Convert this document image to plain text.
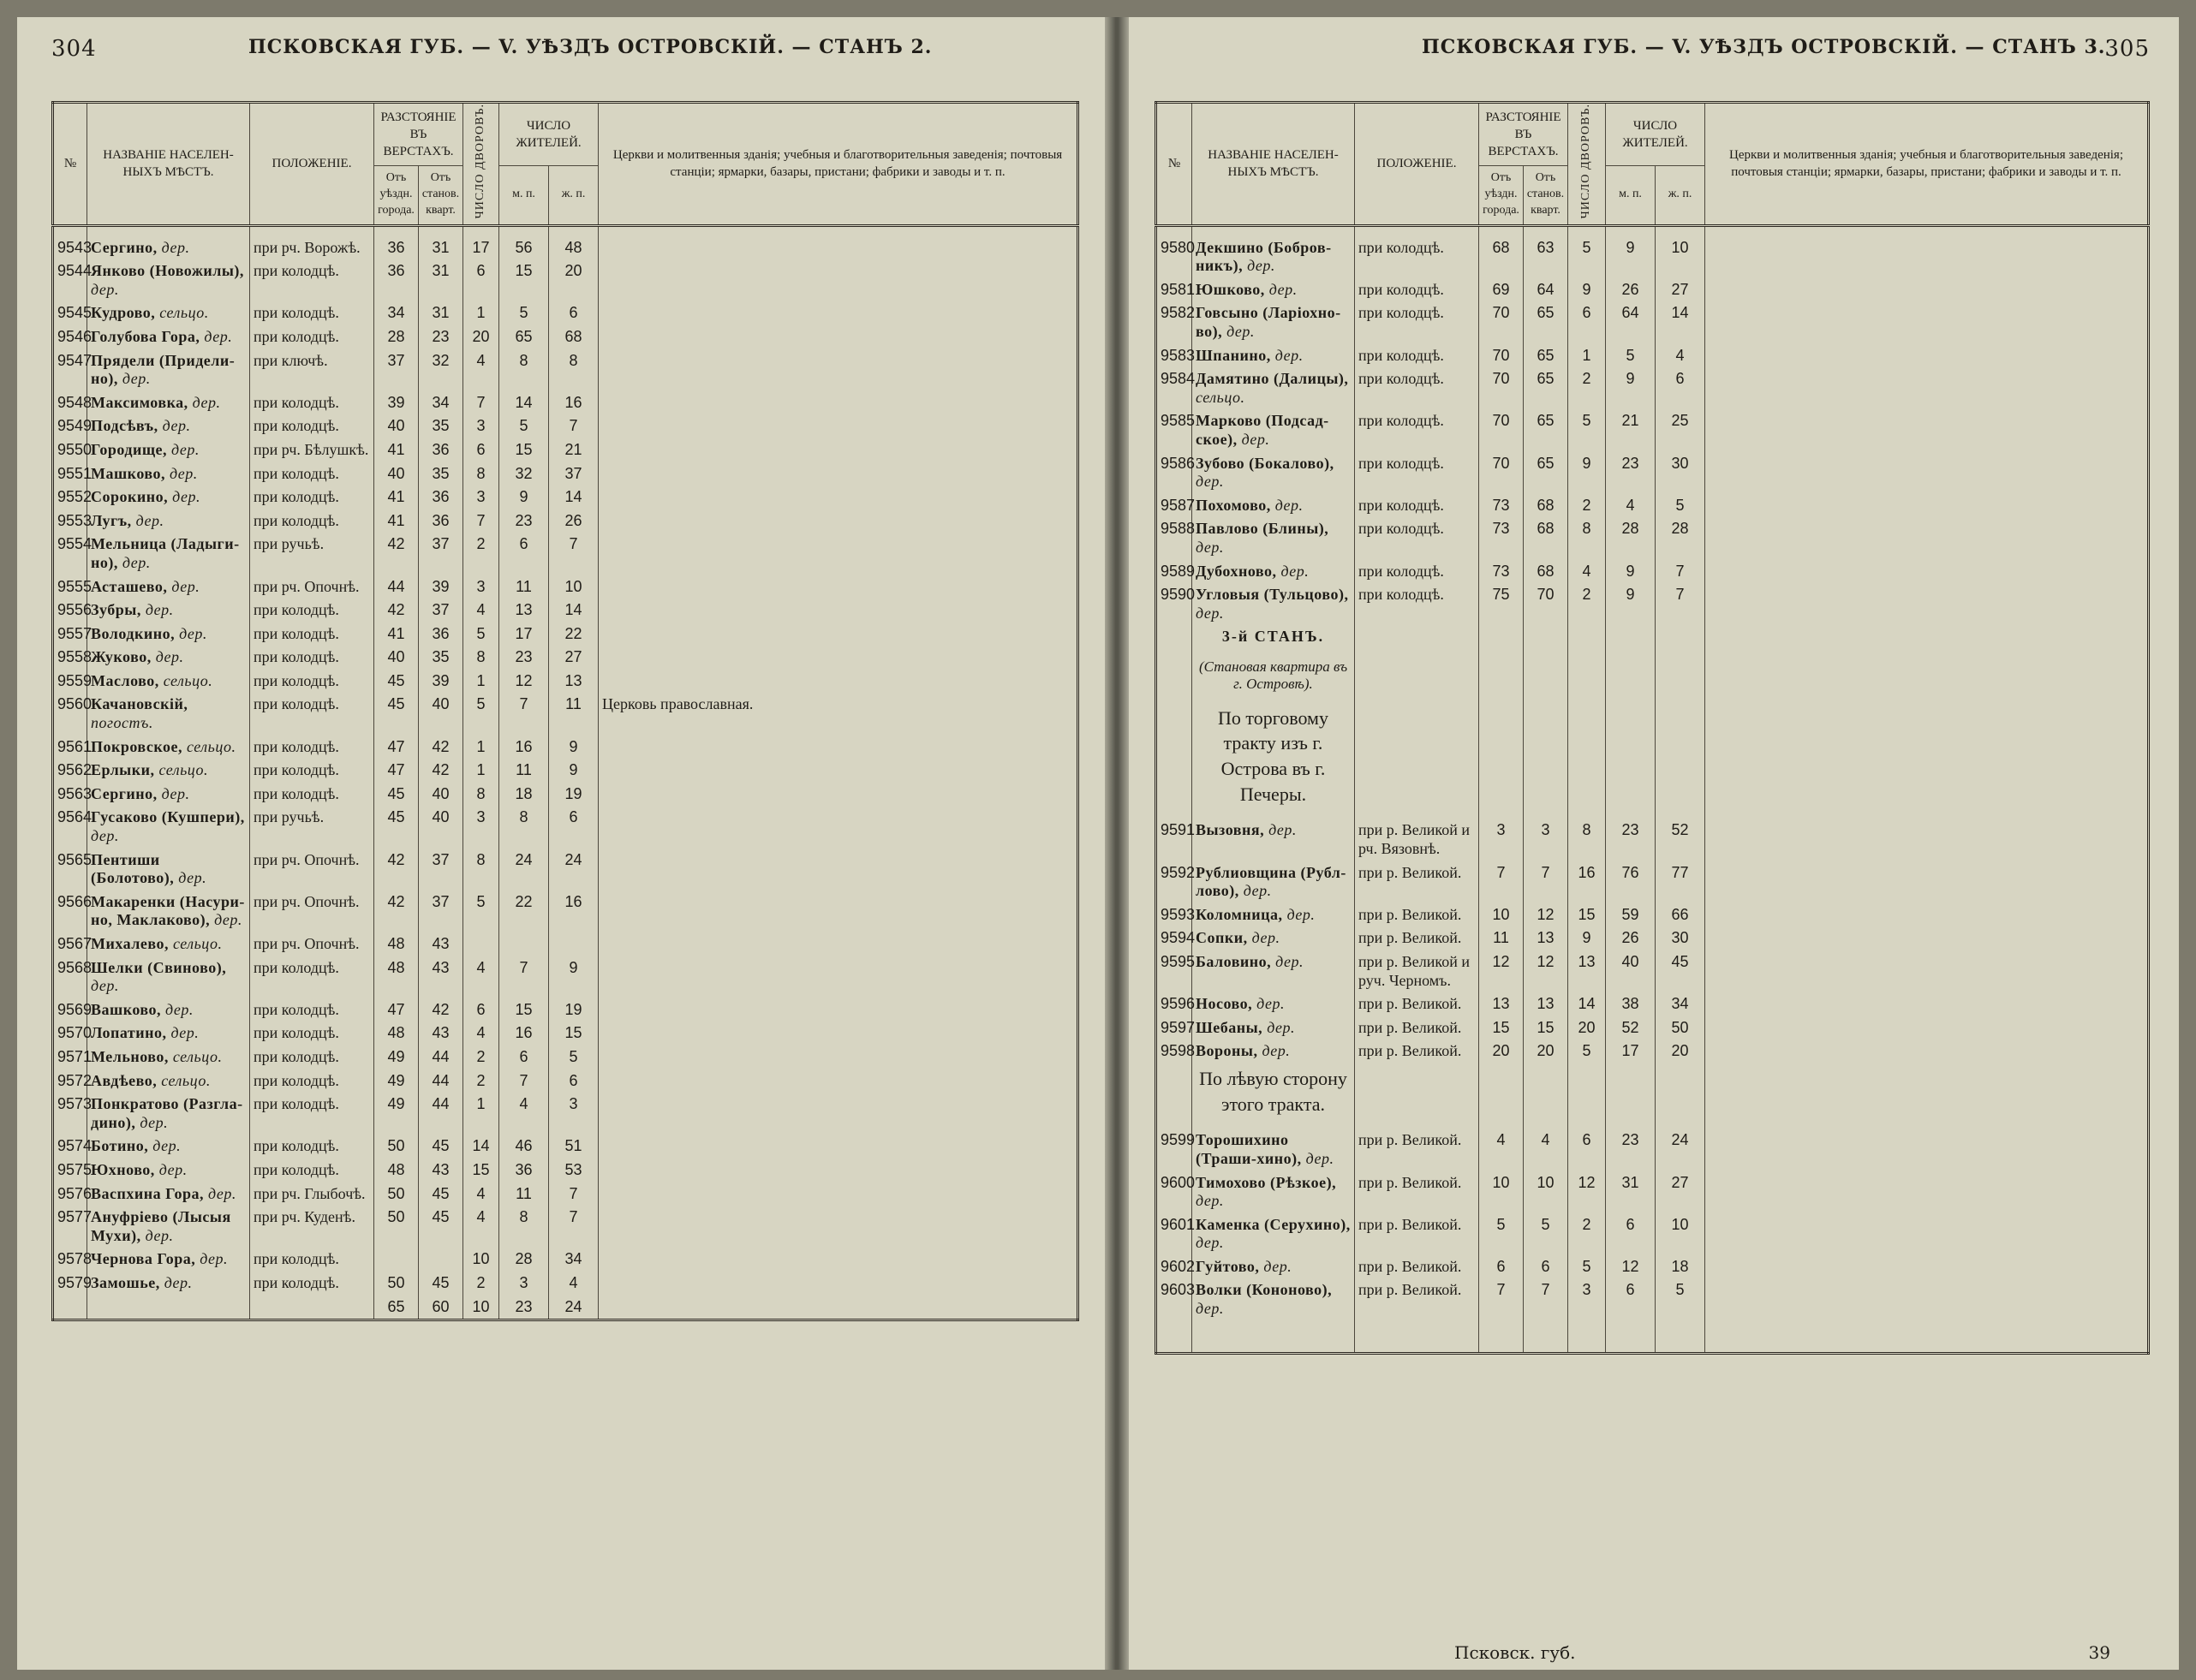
304	ПСКОВСКАЯ ГУБ. — V. УѢЗДЪ ОСТРОВСКІЙ. — СТАНЪ 2.
№	НАЗВАНІЕ НАСЕЛЕН-НЫХЪ МѢСТЪ.	ПОЛОЖЕНІЕ.	РАЗСТОЯНІЕ ВЪ ВЕРСТАХЪ.		ЧИСЛО ДВОРОВЪ.	ЧИСЛО ЖИТЕЛЕЙ.		Церкви и молитвенныя зданія; учебныя и благотворительныя заведенія; почтовыя станціи; ярмарки, базары, пристани; фабрики и заводы и т. п.
			Отъ уѣздн. города.	Отъ станов. кварт.		м. п.	ж. п.	
9543	Сергино, дер.	при рч. Ворожѣ.	36	31	17	56	48	
9544	Янково (Новожилы), дер.	при колодцѣ.	36	31	6	15	20	
9545	Кудрово, сельцо.	при колодцѣ.	34	31	1	5	6	
9546	Голубова Гора, дер.	при колодцѣ.	28	23	20	65	68	
9547	Прядели (Придели-но), дер.	при ключѣ.	37	32	4	8	8	
9548	Максимовка, дер.	при колодцѣ.	39	34	7	14	16	
9549	Подсѣвъ, дер.	при колодцѣ.	40	35	3	5	7	
9550	Городище, дер.	при рч. Бѣлушкѣ.	41	36	6	15	21	
9551	Машково, дер.	при колодцѣ.	40	35	8	32	37	
9552	Сорокино, дер.	при колодцѣ.	41	36	3	9	14	
9553	Лугъ, дер.	при колодцѣ.	41	36	7	23	26	
9554	Мельница (Ладыги-но), дер.	при ручьѣ.	42	37	2	6	7	
9555	Асташево, дер.	при рч. Опочнѣ.	44	39	3	11	10	
9556	Зубры, дер.	при колодцѣ.	42	37	4	13	14	
9557	Володкино, дер.	при колодцѣ.	41	36	5	17	22	
9558	Жуково, дер.	при колодцѣ.	40	35	8	23	27	
9559	Маслово, сельцо.	при колодцѣ.	45	39	1	12	13	
9560	Качановскій, погостъ.	при колодцѣ.	45	40	5	7	11	Церковь православная.
9561	Покровское, сельцо.	при колодцѣ.	47	42	1	16	9	
9562	Ерлыки, сельцо.	при колодцѣ.	47	42	1	11	9	
9563	Сергино, дер.	при колодцѣ.	45	40	8	18	19	
9564	Гусаково (Кушпери), дер.	при ручьѣ.	45	40	3	8	6	
9565	Пентиши (Болотово), дер.	при рч. Опочнѣ.	42	37	8	24	24	
9566	Макаренки (Насури-но, Маклаково), дер.	при рч. Опочнѣ.	42	37	5	22	16	
9567	Михалево, сельцо.	при рч. Опочнѣ.	48	43				
9568	Шелки (Свиново), дер.	при колодцѣ.	48	43	4	7	9	
9569	Вашково, дер.	при колодцѣ.	47	42	6	15	19	
9570	Лопатино, дер.	при колодцѣ.	48	43	4	16	15	
9571	Мельново, сельцо.	при колодцѣ.	49	44	2	6	5	
9572	Авдѣево, сельцо.	при колодцѣ.	49	44	2	7	6	
9573	Понкратово (Разгла-дино), дер.	при колодцѣ.	49	44	1	4	3	
9574	Ботино, дер.	при колодцѣ.	50	45	14	46	51	
9575	Юхново, дер.	при колодцѣ.	48	43	15	36	53	
9576	Васпхина Гора, дер.	при рч. Глыбочѣ.	50	45	4	11	7	
9577	Ануфріево (Лысыя Мухи), дер.	при рч. Куденѣ.	50	45	4	8	7	
9578	Чернова Гора, дер.	при колодцѣ.			10	28	34	
9579	Замошье, дер.	при колодцѣ.	50	45	2	3	4	
			65	60	10	23	24	
ПСКОВСКАЯ ГУБ. — V. УѢЗДЪ ОСТРОВСКІЙ. — СТАНЪ 3.
305
№	НАЗВАНІЕ НАСЕЛЕН-НЫХЪ МѢСТЪ.	ПОЛОЖЕНІЕ.	РАЗСТОЯНІЕ ВЪ ВЕРСТАХЪ.		ЧИСЛО ДВОРОВЪ.	ЧИСЛО ЖИТЕЛЕЙ.		Церкви и молитвенныя зданія; учебныя и благотворительныя заведенія; почтовыя станціи; ярмарки, базары, пристани; фабрики и заводы и т. п.
			Отъ уѣздн. города.	Отъ станов. кварт.		м. п.	ж. п.	
9580	Декшино (Бобров-никъ), дер.	при колодцѣ.	68	63	5	9	10	
9581	Юшково, дер.	при колодцѣ.	69	64	9	26	27	
9582	Говсыно (Ларіохно-во), дер.	при колодцѣ.	70	65	6	64	14	
9583	Шпанино, дер.	при колодцѣ.	70	65	1	5	4	
9584	Дамятино (Далицы), сельцо.	при колодцѣ.	70	65	2	9	6	
9585	Марково (Подсад-ское), дер.	при колодцѣ.	70	65	5	21	25	
9586	Зубово (Бокалово), дер.	при колодцѣ.	70	65	9	23	30	
9587	Похомово, дер.	при колодцѣ.	73	68	2	4	5	
9588	Павлово (Блины), дер.	при колодцѣ.	73	68	8	28	28	
9589	Дубохново, дер.	при колодцѣ.	73	68	4	9	7	
9590	Угловыя (Тульцово), дер.	при колодцѣ.	75	70	2	9	7	

	3-й СТАНЪ.
(Становая квартира въ г. Островѣ).
По торговому тракту изъ г. Острова въ г. Печеры.							

9591	Вызовня, дер.	при р. Великой и рч. Вязовнѣ.	3	3	8	23	52	
9592	Рублиовщина (Рубл-лово), дер.	при р. Великой.	7	7	16	76	77	
9593	Коломница, дер.	при р. Великой.	10	12	15	59	66	
9594	Сопки, дер.	при р. Великой.	11	13	9	26	30	
9595	Баловино, дер.	при р. Великой и руч. Черномъ.	12	12	13	40	45	
9596	Носово, дер.	при р. Великой.	13	13	14	38	34	
9597	Шебаны, дер.	при р. Великой.	15	15	20	52	50	
9598	Вороны, дер.	при р. Великой.	20	20	5	17	20	

	По лѣвую сторону этого тракта.							

9599	Торошихино (Траши-хино), дер.	при р. Великой.	4	4	6	23	24	
9600	Тимохово (Рѣзкое), дер.	при р. Великой.	10	10	12	31	27	
9601	Каменка (Серухино), дер.	при р. Великой.	5	5	2	6	10	
9602	Гуйтово, дер.	при р. Великой.	6	6	5	12	18	
9603	Волки (Кононово), дер.	при р. Великой.	7	7	3	6	5	

Псковск. губ.	39
